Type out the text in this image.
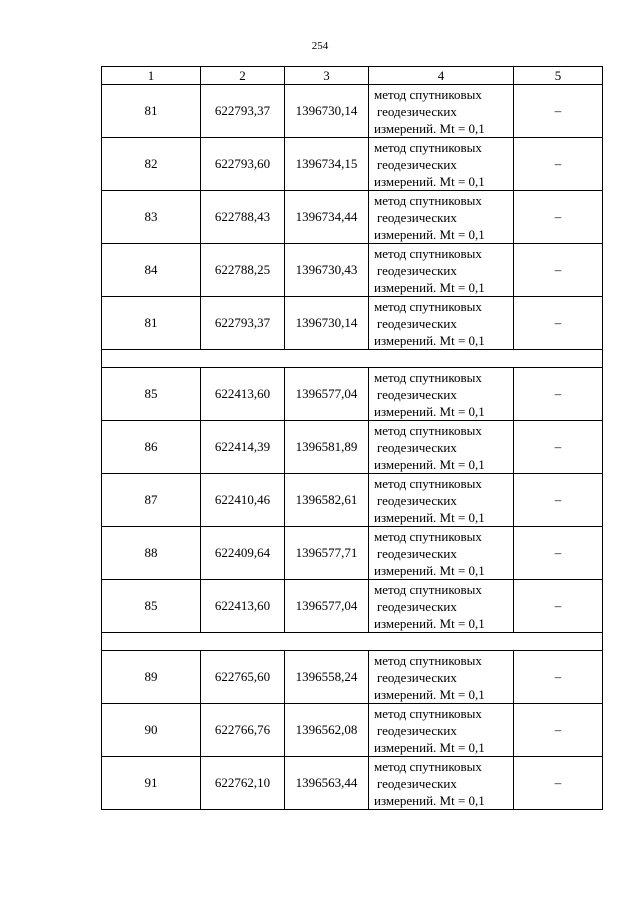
254
1	2	3	4	5
81	622793,37	1396730,14	метод спутниковых
геодезических
измерений. Mt = 0,1	–
82	622793,60	1396734,15	метод спутниковых
геодезических
измерений. Mt = 0,1	–
83	622788,43	1396734,44	метод спутниковых
геодезических
измерений. Mt = 0,1	–
84	622788,25	1396730,43	метод спутниковых
геодезических
измерений. Mt = 0,1	–
81	622793,37	1396730,14	метод спутниковых
геодезических
измерений. Mt = 0,1	–

85	622413,60	1396577,04	метод спутниковых
геодезических
измерений. Mt = 0,1	–
86	622414,39	1396581,89	метод спутниковых
геодезических
измерений. Mt = 0,1	–
87	622410,46	1396582,61	метод спутниковых
геодезических
измерений. Mt = 0,1	–
88	622409,64	1396577,71	метод спутниковых
геодезических
измерений. Mt = 0,1	–
85	622413,60	1396577,04	метод спутниковых
геодезических
измерений. Mt = 0,1	–

89	622765,60	1396558,24	метод спутниковых
геодезических
измерений. Mt = 0,1	–
90	622766,76	1396562,08	метод спутниковых
геодезических
измерений. Mt = 0,1	–
91	622762,10	1396563,44	метод спутниковых
геодезических
измерений. Mt = 0,1	–
